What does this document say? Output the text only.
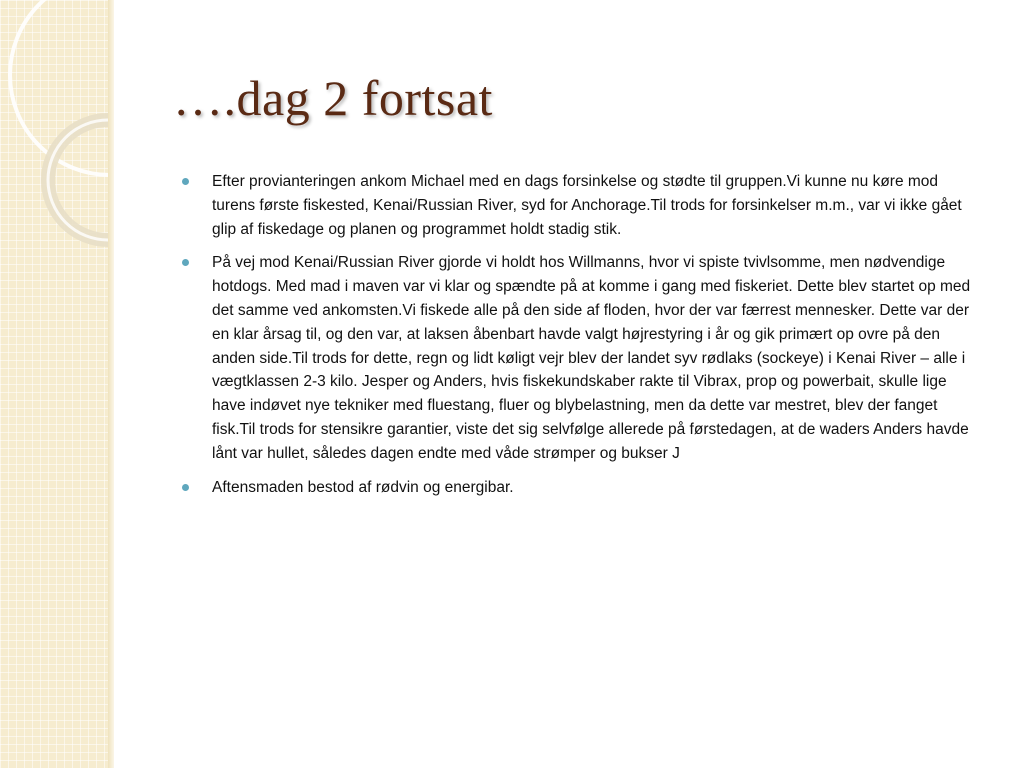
….dag 2 fortsat
Efter provianteringen ankom Michael med en dags forsinkelse og stødte til gruppen.Vi kunne nu køre mod turens første fiskested, Kenai/Russian River, syd for Anchorage.Til trods for forsinkelser m.m., var vi ikke gået glip af fiskedage og planen og programmet holdt stadig stik.
På vej mod Kenai/Russian River gjorde vi holdt hos Willmanns, hvor vi spiste tvivlsomme, men nødvendige hotdogs. Med mad i maven var vi klar og spændte på at komme i gang med fiskeriet. Dette blev startet op med det samme ved ankomsten.Vi fiskede alle på den side af floden, hvor der var færrest mennesker. Dette var der en klar årsag til, og den var, at laksen åbenbart havde valgt højrestyring i år og gik primært op ovre på den anden side.Til trods for dette, regn og lidt køligt vejr blev der landet syv rødlaks (sockeye) i Kenai River – alle i vægtklassen 2-3 kilo. Jesper og Anders, hvis fiskekundskaber rakte til Vibrax, prop og powerbait, skulle lige have indøvet nye tekniker med fluestang, fluer og blybelastning, men da dette var mestret, blev der fanget fisk.Til trods for stensikre garantier, viste det sig selvfølge allerede på førstedagen, at de waders Anders havde lånt var hullet, således dagen endte med våde strømper og bukser J
Aftensmaden bestod af rødvin og energibar.
